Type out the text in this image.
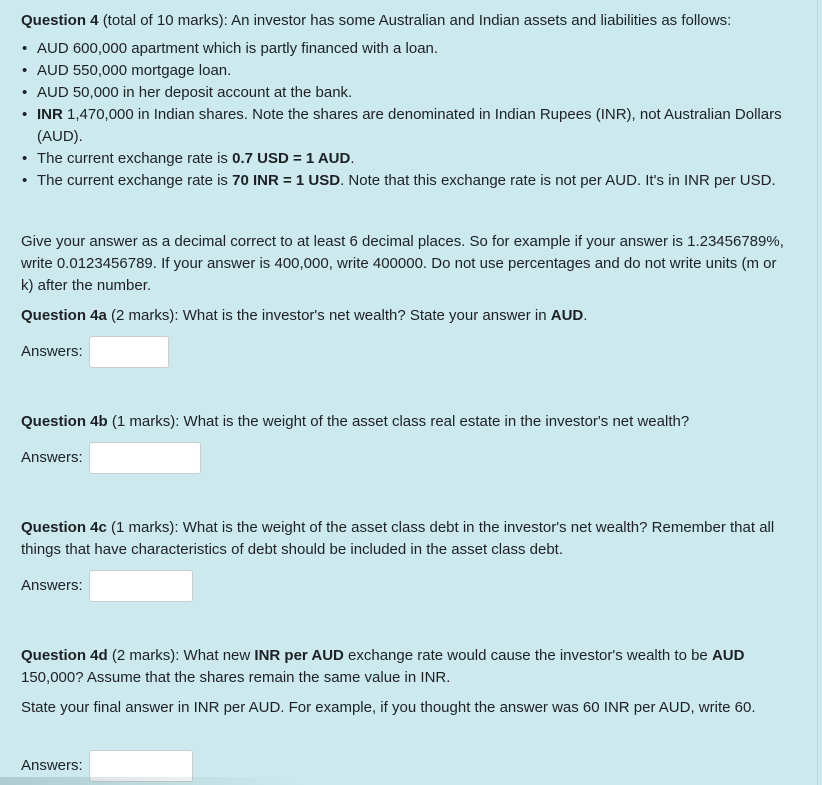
Question 4 (total of 10 marks): An investor has some Australian and Indian assets and liabilities as follows:

• AUD 600,000 apartment which is partly financed with a loan.
• AUD 550,000 mortgage loan.
• AUD 50,000 in her deposit account at the bank.
• INR 1,470,000 in Indian shares. Note the shares are denominated in Indian Rupees (INR), not Australian Dollars (AUD).
• The current exchange rate is 0.7 USD = 1 AUD.
• The current exchange rate is 70 INR = 1 USD. Note that this exchange rate is not per AUD. It's in INR per USD.

Give your answer as a decimal correct to at least 6 decimal places. So for example if your answer is 1.23456789%, write 0.0123456789. If your answer is 400,000, write 400000. Do not use percentages and do not write units (m or k) after the number.

Question 4a (2 marks): What is the investor's net wealth? State your answer in AUD.

Answers:

Question 4b (1 marks): What is the weight of the asset class real estate in the investor's net wealth?

Answers:

Question 4c (1 marks): What is the weight of the asset class debt in the investor's net wealth? Remember that all things that have characteristics of debt should be included in the asset class debt.

Answers:

Question 4d (2 marks): What new INR per AUD exchange rate would cause the investor's wealth to be AUD 150,000? Assume that the shares remain the same value in INR.

State your final answer in INR per AUD. For example, if you thought the answer was 60 INR per AUD, write 60.

Answers:
